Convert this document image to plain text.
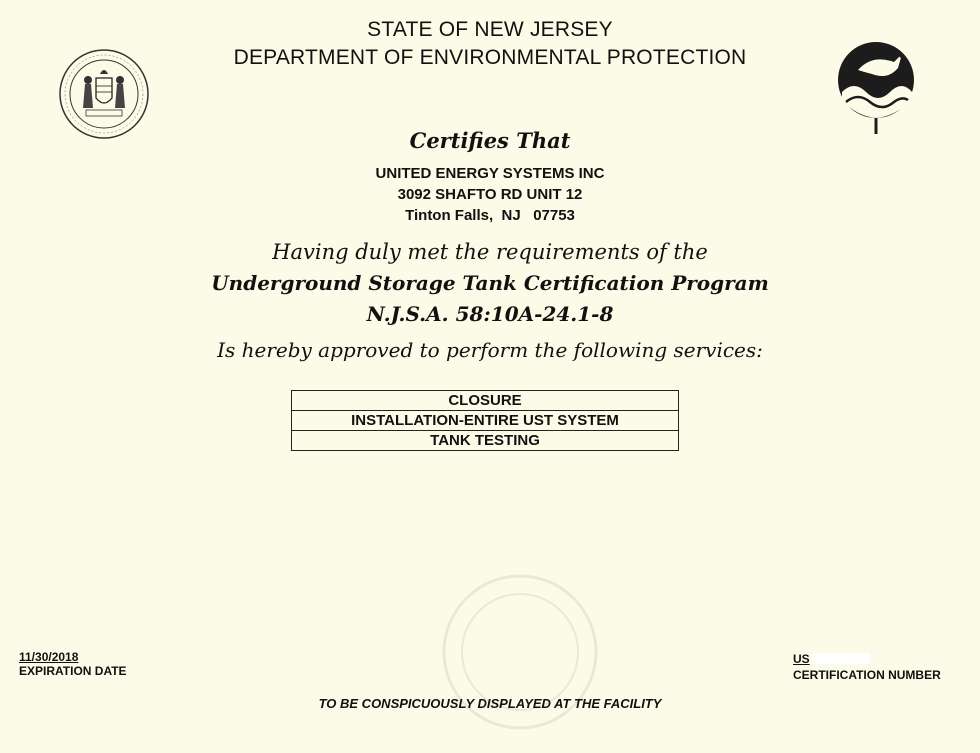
STATE OF NEW JERSEY
DEPARTMENT OF ENVIRONMENTAL PROTECTION
Certifies That
UNITED ENERGY SYSTEMS INC
3092 SHAFTO RD UNIT 12
Tinton Falls,  NJ 07753
Having duly met the requirements of the
Underground Storage Tank Certification Program
N.J.S.A. 58:10A-24.1-8
Is hereby approved to perform the following services:
CLOSURE
INSTALLATION-ENTIRE UST SYSTEM
TANK TESTING
11/30/2018
EXPIRATION DATE
US
CERTIFICATION NUMBER
TO BE CONSPICUOUSLY DISPLAYED AT THE FACILITY
